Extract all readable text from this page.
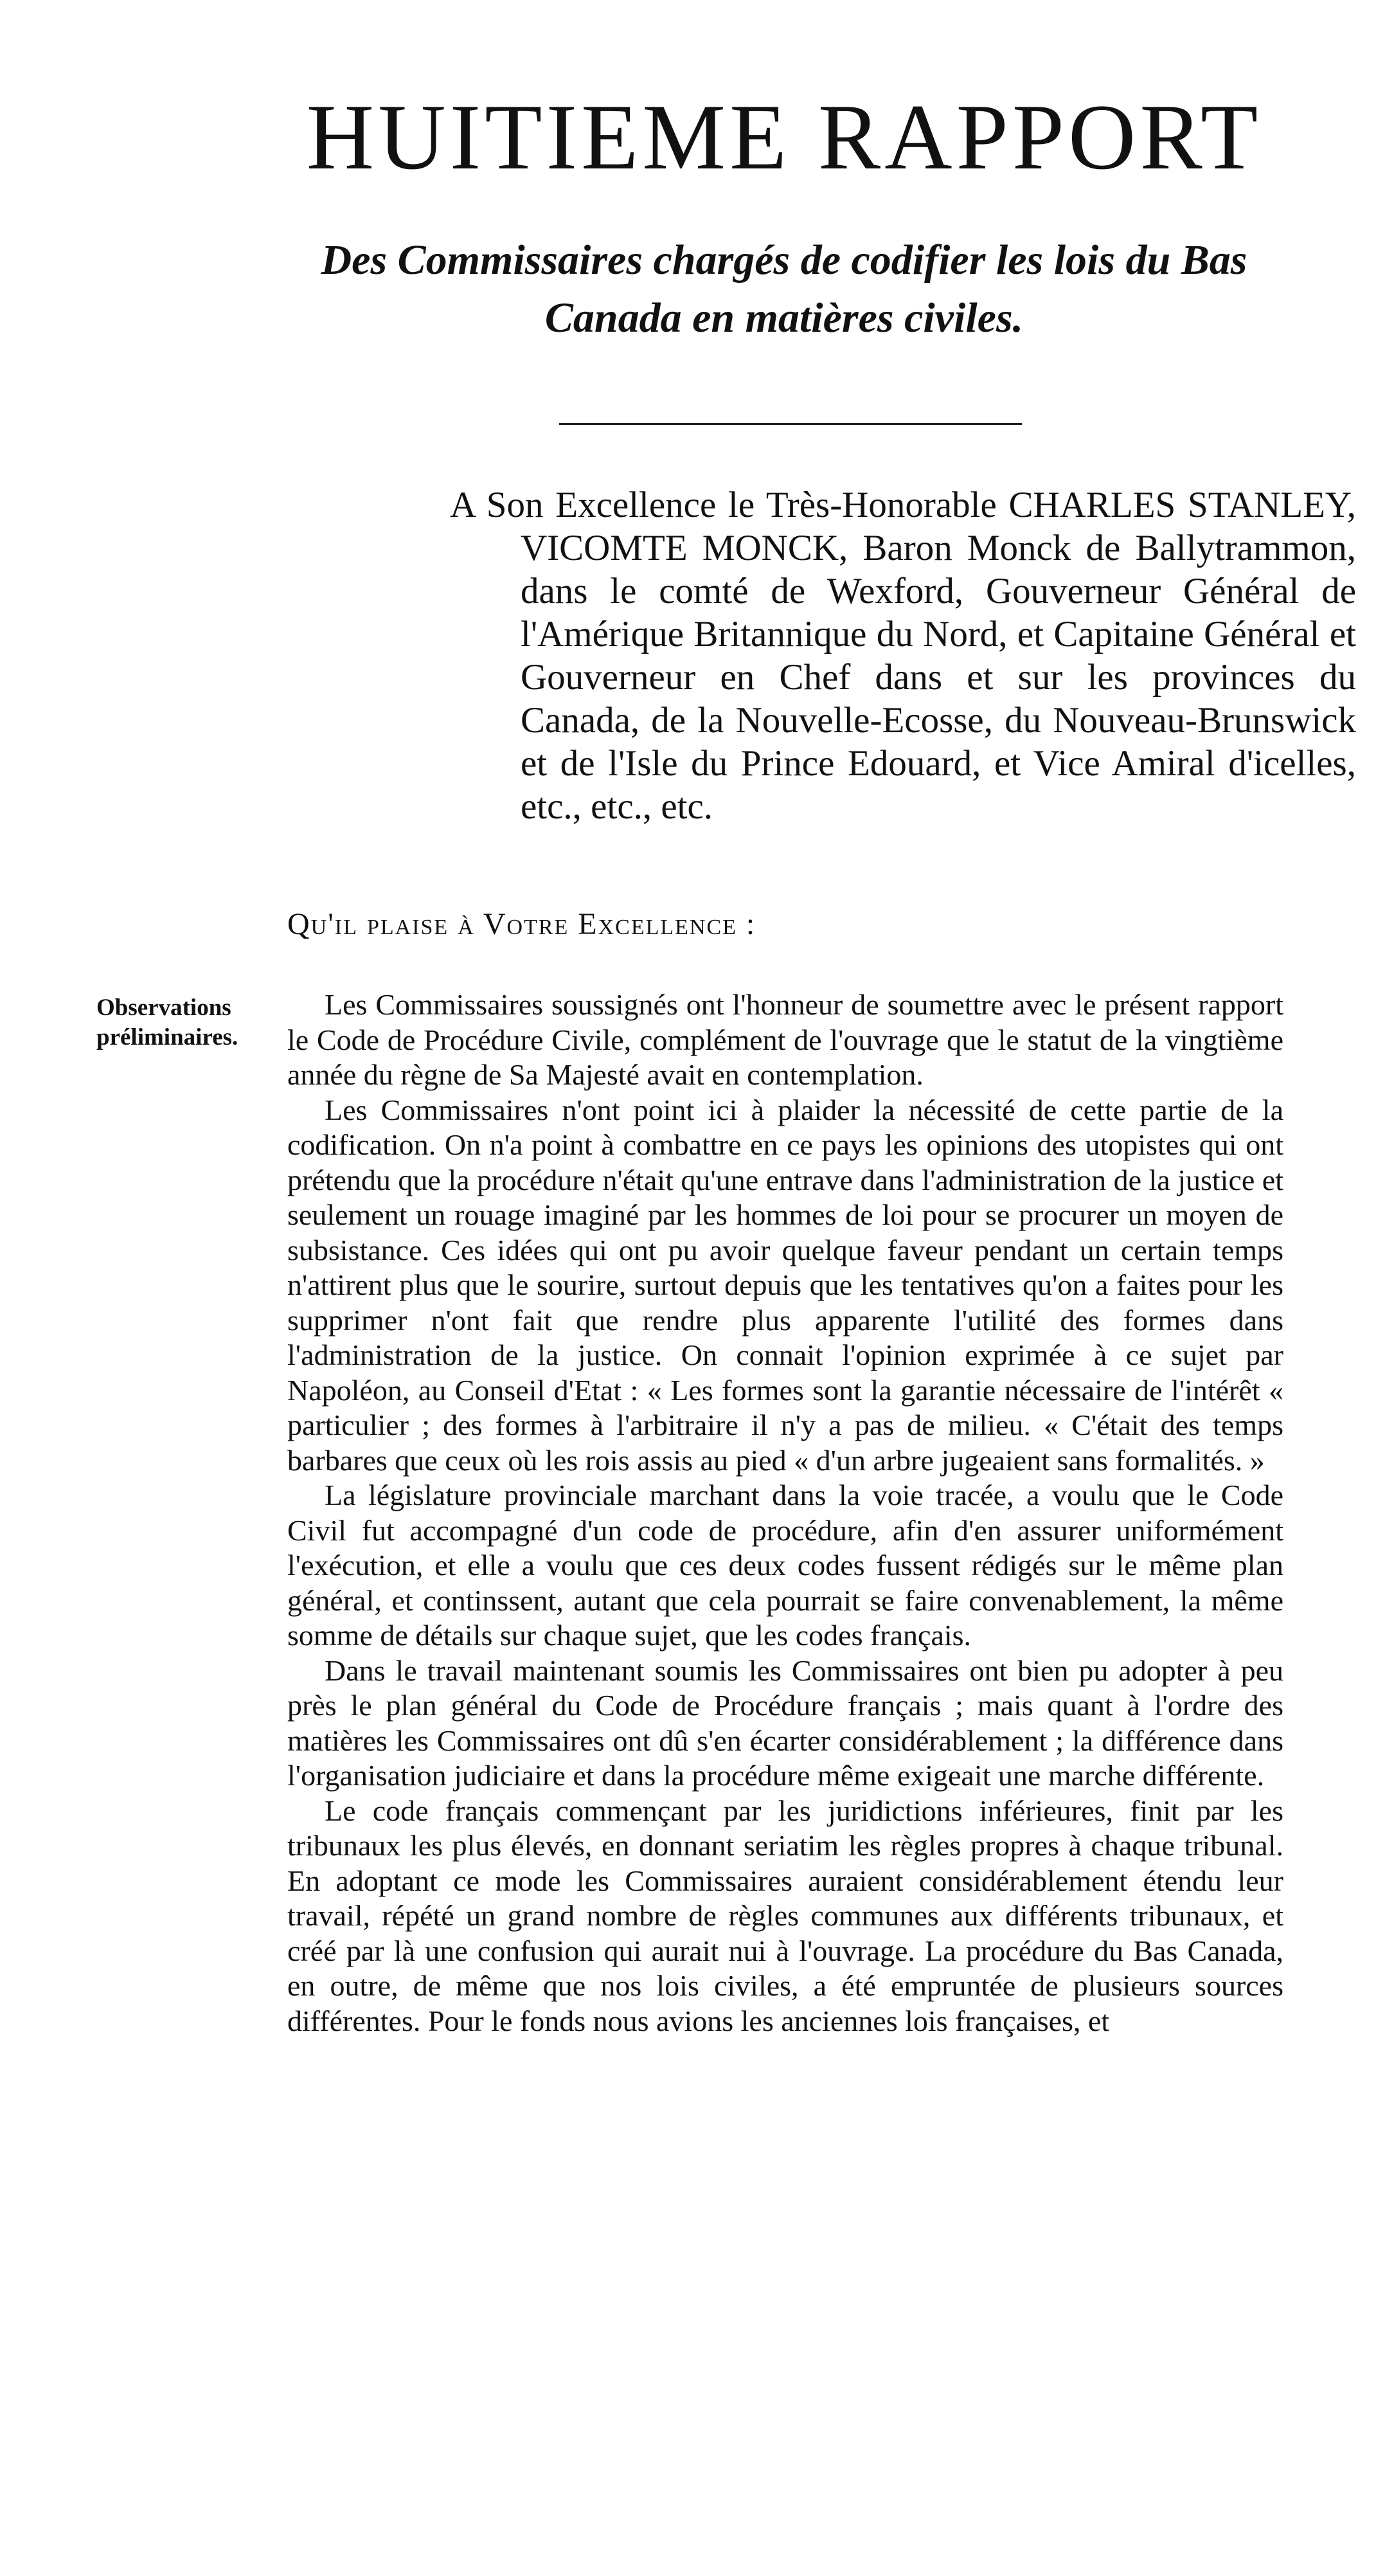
HUITIEME RAPPORT
Des Commissaires chargés de codifier les lois du Bas Canada en matières civiles.
A Son Excellence le Très-Honorable CHARLES STANLEY, VICOMTE MONCK, Baron Monck de Ballytrammon, dans le comté de Wexford, Gouverneur Général de l'Amérique Britannique du Nord, et Capitaine Général et Gouverneur en Chef dans et sur les provinces du Canada, de la Nouvelle-Ecosse, du Nouveau-Brunswick et de l'Isle du Prince Edouard, et Vice Amiral d'icelles, etc., etc., etc.
Qu'il plaise à Votre Excellence :
Observations préliminaires.

Les Commissaires soussignés ont l'honneur de soumettre avec le présent rapport le Code de Procédure Civile, complément de l'ouvrage que le statut de la vingtième année du règne de Sa Majesté avait en contemplation.

Les Commissaires n'ont point ici à plaider la nécessité de cette partie de la codification. On n'a point à combattre en ce pays les opinions des utopistes qui ont prétendu que la procédure n'était qu'une entrave dans l'administration de la justice et seulement un rouage imaginé par les hommes de loi pour se procurer un moyen de subsistance. Ces idées qui ont pu avoir quelque faveur pendant un certain temps n'attirent plus que le sourire, surtout depuis que les tentatives qu'on a faites pour les supprimer n'ont fait que rendre plus apparente l'utilité des formes dans l'administration de la justice. On connait l'opinion exprimée à ce sujet par Napoléon, au Conseil d'Etat : « Les formes sont la garantie nécessaire de l'intérêt « particulier ; des formes à l'arbitraire il n'y a pas de milieu. « C'était des temps barbares que ceux où les rois assis au pied « d'un arbre jugeaient sans formalités. »

La législature provinciale marchant dans la voie tracée, a voulu que le Code Civil fut accompagné d'un code de procédure, afin d'en assurer uniformément l'exécution, et elle a voulu que ces deux codes fussent rédigés sur le même plan général, et continssent, autant que cela pourrait se faire convenablement, la même somme de détails sur chaque sujet, que les codes français.

Dans le travail maintenant soumis les Commissaires ont bien pu adopter à peu près le plan général du Code de Procédure français ; mais quant à l'ordre des matières les Commissaires ont dû s'en écarter considérablement ; la différence dans l'organisation judiciaire et dans la procédure même exigeait une marche différente.

Le code français commençant par les juridictions inférieures, finit par les tribunaux les plus élevés, en donnant seriatim les règles propres à chaque tribunal. En adoptant ce mode les Commissaires auraient considérablement étendu leur travail, répété un grand nombre de règles communes aux différents tribunaux, et créé par là une confusion qui aurait nui à l'ouvrage. La procédure du Bas Canada, en outre, de même que nos lois civiles, a été empruntée de plusieurs sources différentes. Pour le fonds nous avions les anciennes lois françaises, et
